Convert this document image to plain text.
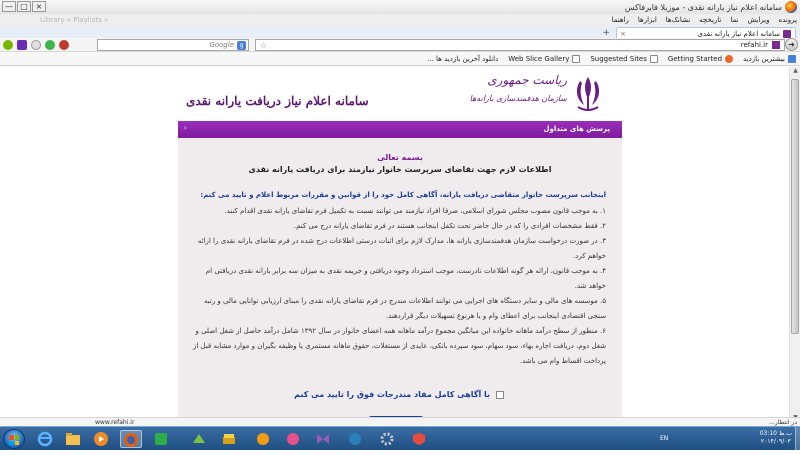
سامانه اعلام نیاز یارانه نقدی - موزیلا فایرفاکس
×
□
—
پرونده
ویرایش
نما
تاریخچه
نشانک‌ها
ابزارها
راهنما
« Library » Playlists
سامانه اعلام نیاز یارانه نقدی
×
+
➜
refahi.ir
☆
Google g
بیشترین بازدید
Getting Started
Suggested Sites
Web Slice Gallery
دانلود آخرین بازدید ها ...
سامانه اعلام نیاز دریافت یارانه نقدی
ریاست جمهوری
سازمان هدفمندسازی یارانه‌ها
پرسش های متداول
‹
بسمه تعالی
اطلاعات لازم جهت تقاضای سرپرست خانوار نیازمند برای دریافت یارانه نقدی
اینجانب سرپرست خانوار متقاضی دریافت یارانه، آگاهی کامل خود را از قوانین و مقررات مربوط اعلام و تایید می کنم:

۱. به موجب قانون مصوب مجلس شورای اسلامی، صرفا افراد نیازمند می توانند نسبت به تکمیل فرم تقاضای یارانه نقدی اقدام کنند.

۲. فقط مشخصات افرادی را که در حال حاضر تحت تکفل اینجانب هستند در فرم تقاضای یارانه درج می کنم.

۳. در صورت درخواست سازمان هدفمندسازی یارانه ها، مدارک لازم برای اثبات درستی اطلاعات درج شده در فرم تقاضای یارانه نقدی را ارائه خواهم کرد.

۴. به موجب قانون، ارائه هر گونه اطلاعات نادرست، موجب استرداد وجوه دریافتی و جریمه نقدی به میزان سه برابر یارانه نقدی دریافتی ام خواهد شد.

۵. موسسه های مالی و سایر دستگاه های اجرایی می توانند اطلاعات مندرج در فرم تقاضای یارانه نقدی را مبنای ارزیابی توانایی مالی و رتبه سنجی اقتصادی اینجانب برای اعطای وام و یا هرنوع تسهیلات دیگر قراردهند.

۶. منظور از سطح درآمد ماهانه خانواده این میانگین مجموع درآمد ماهانه همه اعضای خانوار در سال ۱۳۹۲ شامل درآمد حاصل از شغل اصلی و شغل دوم، دریافت اجاره بهاء، سود سهام، سود سپرده بانکی، عایدی از مستغلات، حقوق ماهانه مستمری یا وظیفه بگیران و موارد مشابه قبل از پرداخت اقساط وام می باشد.

با آگاهی کامل مفاد مندرجات فوق را تایید می کنم
▲
در انتظار...
www.refahi.ir
EN
03:10 ب.ظ
۲۰۱۴/۰۹/۰۳
